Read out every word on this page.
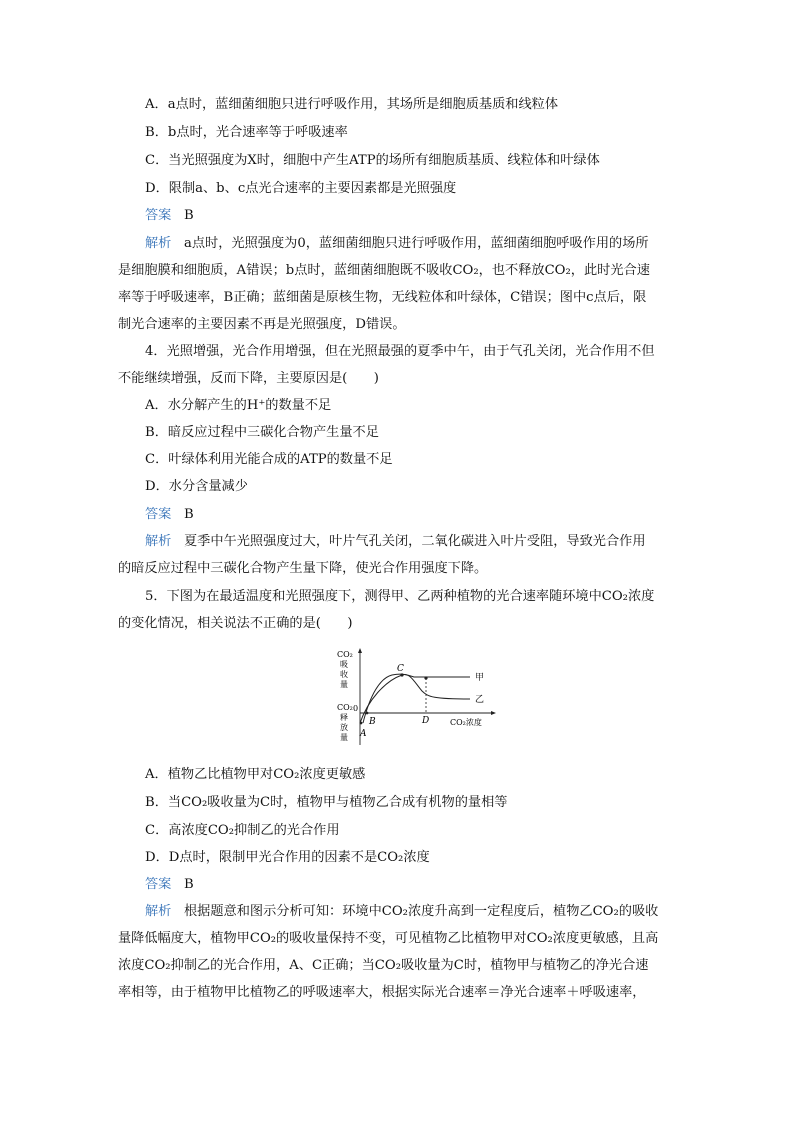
A．a点时，蓝细菌细胞只进行呼吸作用，其场所是细胞质基质和线粒体
B．b点时，光合速率等于呼吸速率
C．当光照强度为X时，细胞中产生ATP的场所有细胞质基质、线粒体和叶绿体
D．限制a、b、c点光合速率的主要因素都是光照强度
答案 B
解析 a点时，光照强度为0，蓝细菌细胞只进行呼吸作用，蓝细菌细胞呼吸作用的场所
是细胞膜和细胞质，A错误；b点时，蓝细菌细胞既不吸收CO₂，也不释放CO₂，此时光合速
率等于呼吸速率，B正确；蓝细菌是原核生物，无线粒体和叶绿体，C错误；图中c点后，限
制光合速率的主要因素不再是光照强度，D错误。
4．光照增强，光合作用增强，但在光照最强的夏季中午，由于气孔关闭，光合作用不但
不能继续增强，反而下降，主要原因是(　　)
A．水分解产生的H⁺的数量不足
B．暗反应过程中三碳化合物产生量不足
C．叶绿体利用光能合成的ATP的数量不足
D．水分含量减少
答案 B
解析 夏季中午光照强度过大，叶片气孔关闭，二氧化碳进入叶片受阻，导致光合作用
的暗反应过程中三碳化合物产生量下降，使光合作用强度下降。
5．下图为在最适温度和光照强度下，测得甲、乙两种植物的光合速率随环境中CO₂浓度
的变化情况，相关说法不正确的是(　　)
CO₂
吸
收
量
CO₂
释
放
量
0
C
D
B
A
甲
乙
CO₂浓度
A．植物乙比植物甲对CO₂浓度更敏感
B．当CO₂吸收量为C时，植物甲与植物乙合成有机物的量相等
C．高浓度CO₂抑制乙的光合作用
D．D点时，限制甲光合作用的因素不是CO₂浓度
答案 B
解析 根据题意和图示分析可知：环境中CO₂浓度升高到一定程度后，植物乙CO₂的吸收
量降低幅度大，植物甲CO₂的吸收量保持不变，可见植物乙比植物甲对CO₂浓度更敏感，且高
浓度CO₂抑制乙的光合作用，A、C正确；当CO₂吸收量为C时，植物甲与植物乙的净光合速
率相等，由于植物甲比植物乙的呼吸速率大，根据实际光合速率＝净光合速率＋呼吸速率，
